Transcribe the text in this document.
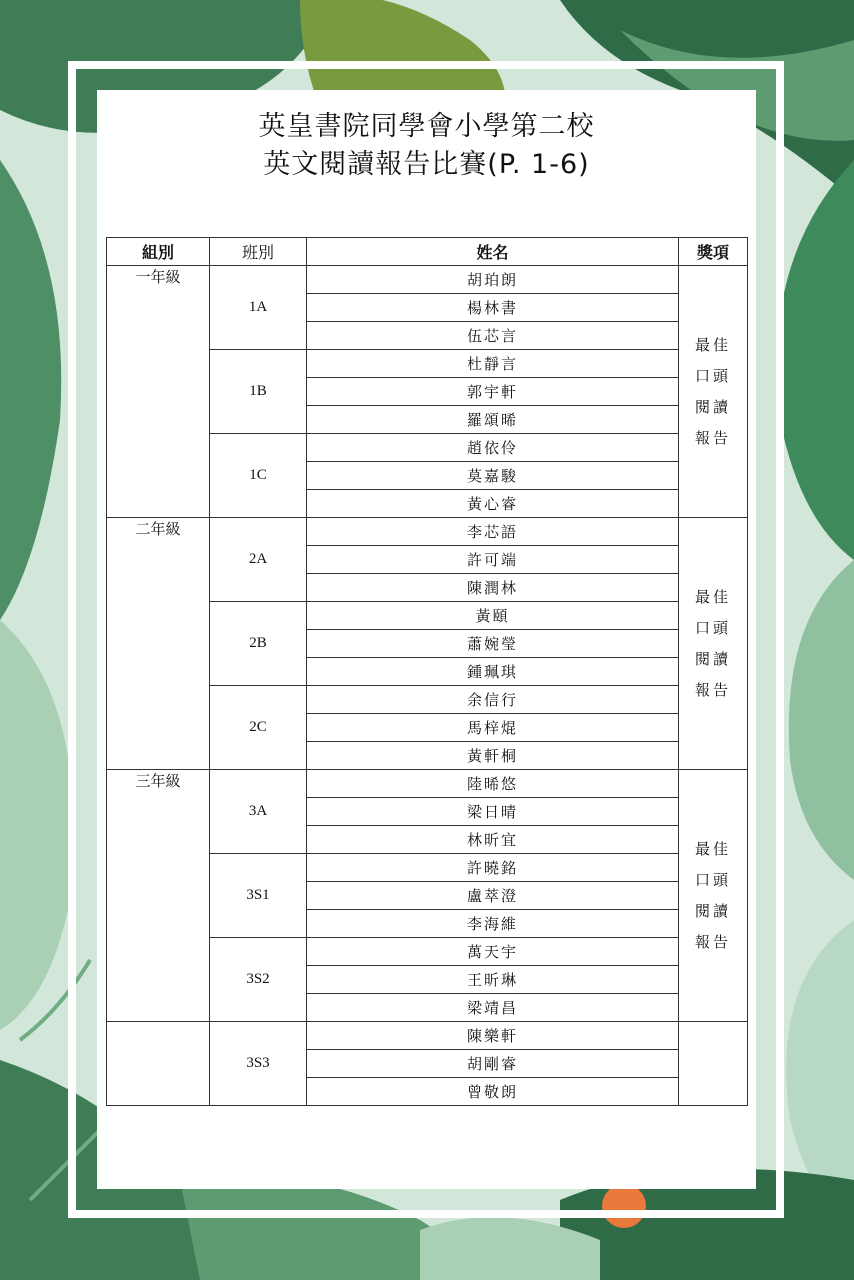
英皇書院同學會小學第二校
英文閱讀報告比賽(P. 1-6)
組別	班別	姓名	獎項
一年級	1A	胡珀朗	最佳口頭閱讀報告
		楊林書	
		伍芯言	
	1B	杜靜言	
		郭宇軒	
		羅頌晞	
	1C	趙依伶	
		莫嘉駿	
		黃心睿	
二年級	2A	李芯語	最佳口頭閱讀報告
		許可端	
		陳潤林	
	2B	黃頤	
		蕭婉瑩	
		鍾珮琪	
	2C	余信行	
		馬梓焜	
		黃軒桐	
三年級	3A	陸晞悠	最佳口頭閱讀報告
		梁日晴	
		林昕宜	
	3S1	許曉銘	
		盧萃澄	
		李海維	
	3S2	萬天宇	
		王昕琳	
		梁靖昌	
	3S3	陳樂軒	
		胡剛睿	
		曾敬朗	
